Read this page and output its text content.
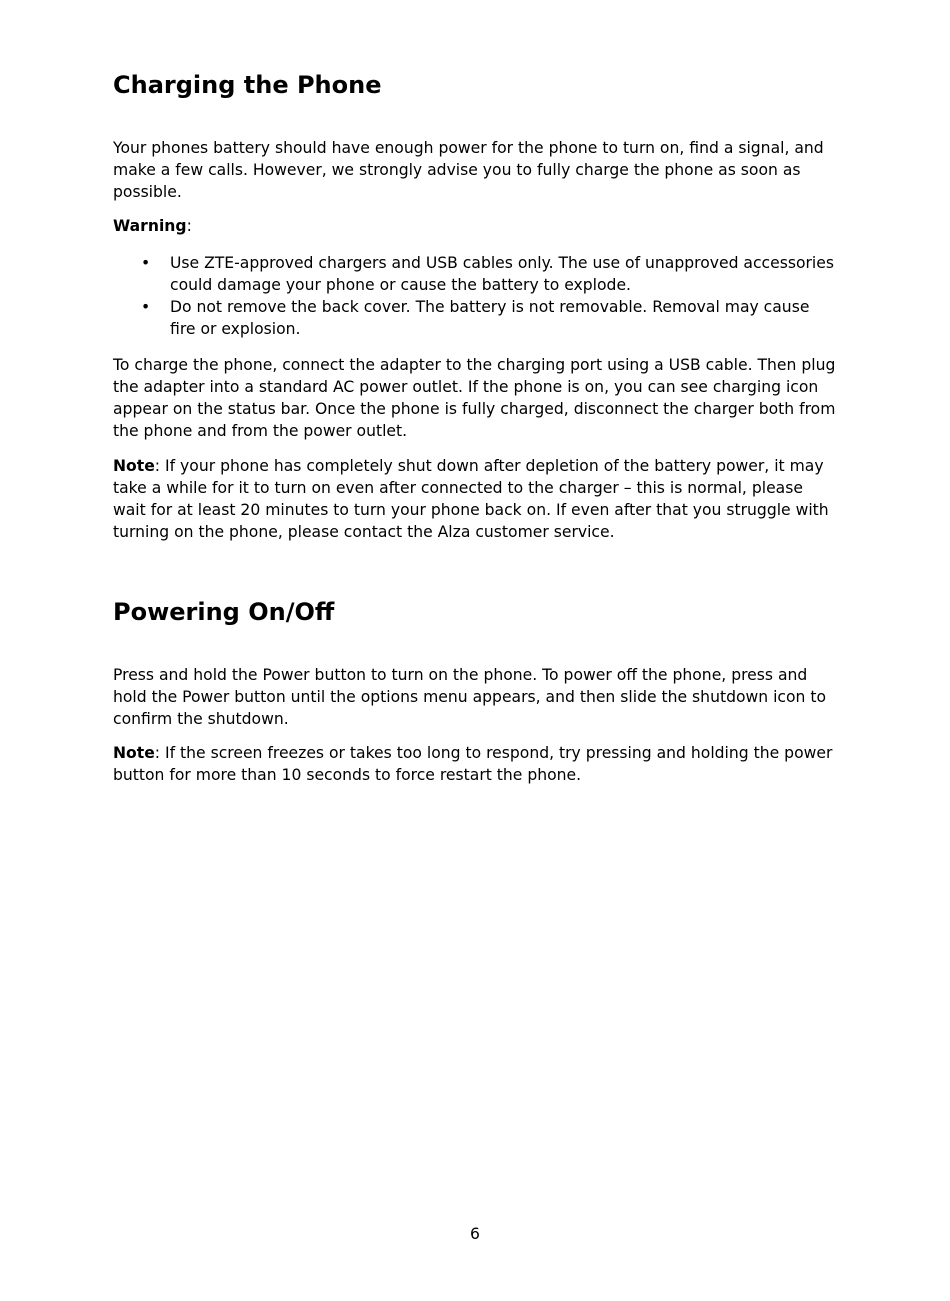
Charging the Phone

Your phones battery should have enough power for the phone to turn on, find a signal, and make a few calls. However, we strongly advise you to fully charge the phone as soon as possible.

Warning:

• Use ZTE-approved chargers and USB cables only. The use of unapproved accessories could damage your phone or cause the battery to explode.
• Do not remove the back cover. The battery is not removable. Removal may cause fire or explosion.

To charge the phone, connect the adapter to the charging port using a USB cable. Then plug the adapter into a standard AC power outlet. If the phone is on, you can see charging icon appear on the status bar. Once the phone is fully charged, disconnect the charger both from the phone and from the power outlet.

Note: If your phone has completely shut down after depletion of the battery power, it may take a while for it to turn on even after connected to the charger – this is normal, please wait for at least 20 minutes to turn your phone back on. If even after that you struggle with turning on the phone, please contact the Alza customer service.

Powering On/Off

Press and hold the Power button to turn on the phone. To power off the phone, press and hold the Power button until the options menu appears, and then slide the shutdown icon to confirm the shutdown.

Note: If the screen freezes or takes too long to respond, try pressing and holding the power button for more than 10 seconds to force restart the phone.

6
